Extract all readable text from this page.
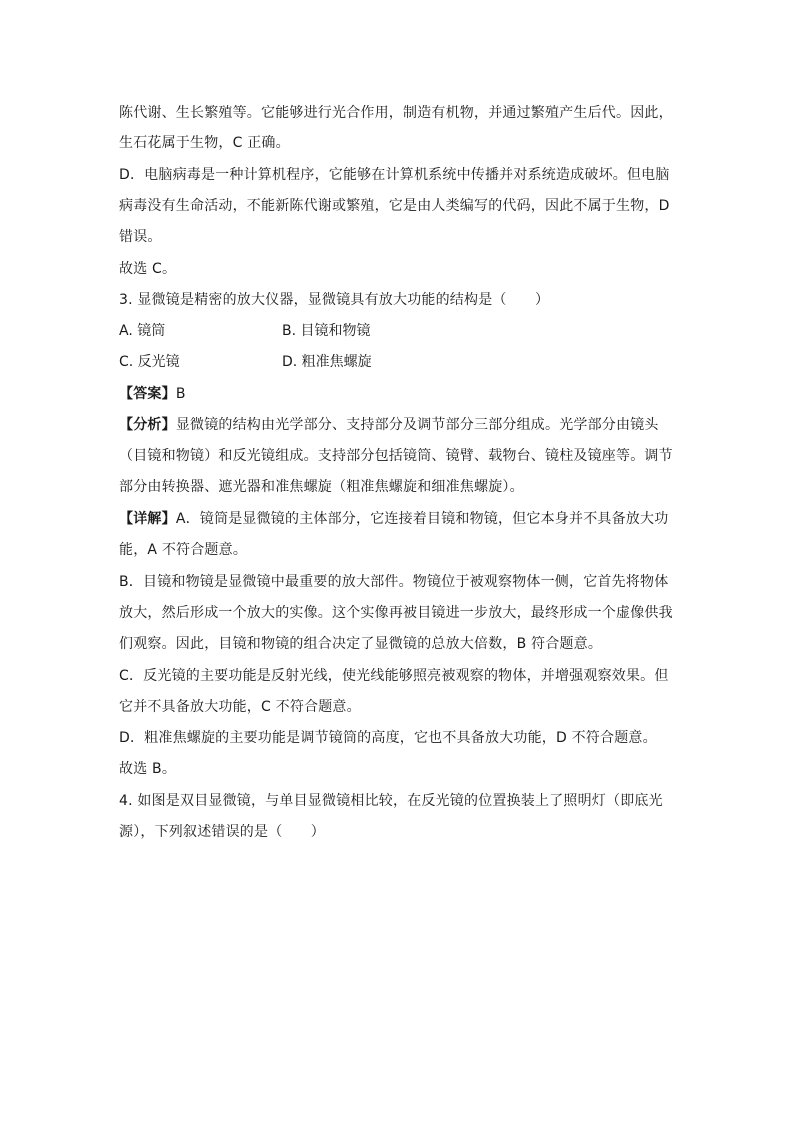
陈代谢、生长繁殖等。它能够进行光合作用，制造有机物，并通过繁殖产生后代。因此，
生石花属于生物，C 正确。
D．电脑病毒是一种计算机程序，它能够在计算机系统中传播并对系统造成破坏。但电脑
病毒没有生命活动，不能新陈代谢或繁殖，它是由人类编写的代码，因此不属于生物，D
错误。
故选 C。
3. 显微镜是精密的放大仪器，显微镜具有放大功能的结构是（　　）
A. 镜筒	B. 目镜和物镜
C. 反光镜	D. 粗准焦螺旋
【答案】B
【分析】显微镜的结构由光学部分、支持部分及调节部分三部分组成。光学部分由镜头
（目镜和物镜）和反光镜组成。支持部分包括镜筒、镜臂、载物台、镜柱及镜座等。调节
部分由转换器、遮光器和准焦螺旋（粗准焦螺旋和细准焦螺旋）。
【详解】A．镜筒是显微镜的主体部分，它连接着目镜和物镜，但它本身并不具备放大功
能，A 不符合题意。
B．目镜和物镜是显微镜中最重要的放大部件。物镜位于被观察物体一侧，它首先将物体
放大，然后形成一个放大的实像。这个实像再被目镜进一步放大，最终形成一个虚像供我
们观察。因此，目镜和物镜的组合决定了显微镜的总放大倍数，B 符合题意。
C．反光镜的主要功能是反射光线，使光线能够照亮被观察的物体，并增强观察效果。但
它并不具备放大功能，C 不符合题意。
D．粗准焦螺旋的主要功能是调节镜筒的高度，它也不具备放大功能，D 不符合题意。
故选 B。
4. 如图是双目显微镜，与单目显微镜相比较，在反光镜的位置换装上了照明灯（即底光
源），下列叙述错误的是（　　）
